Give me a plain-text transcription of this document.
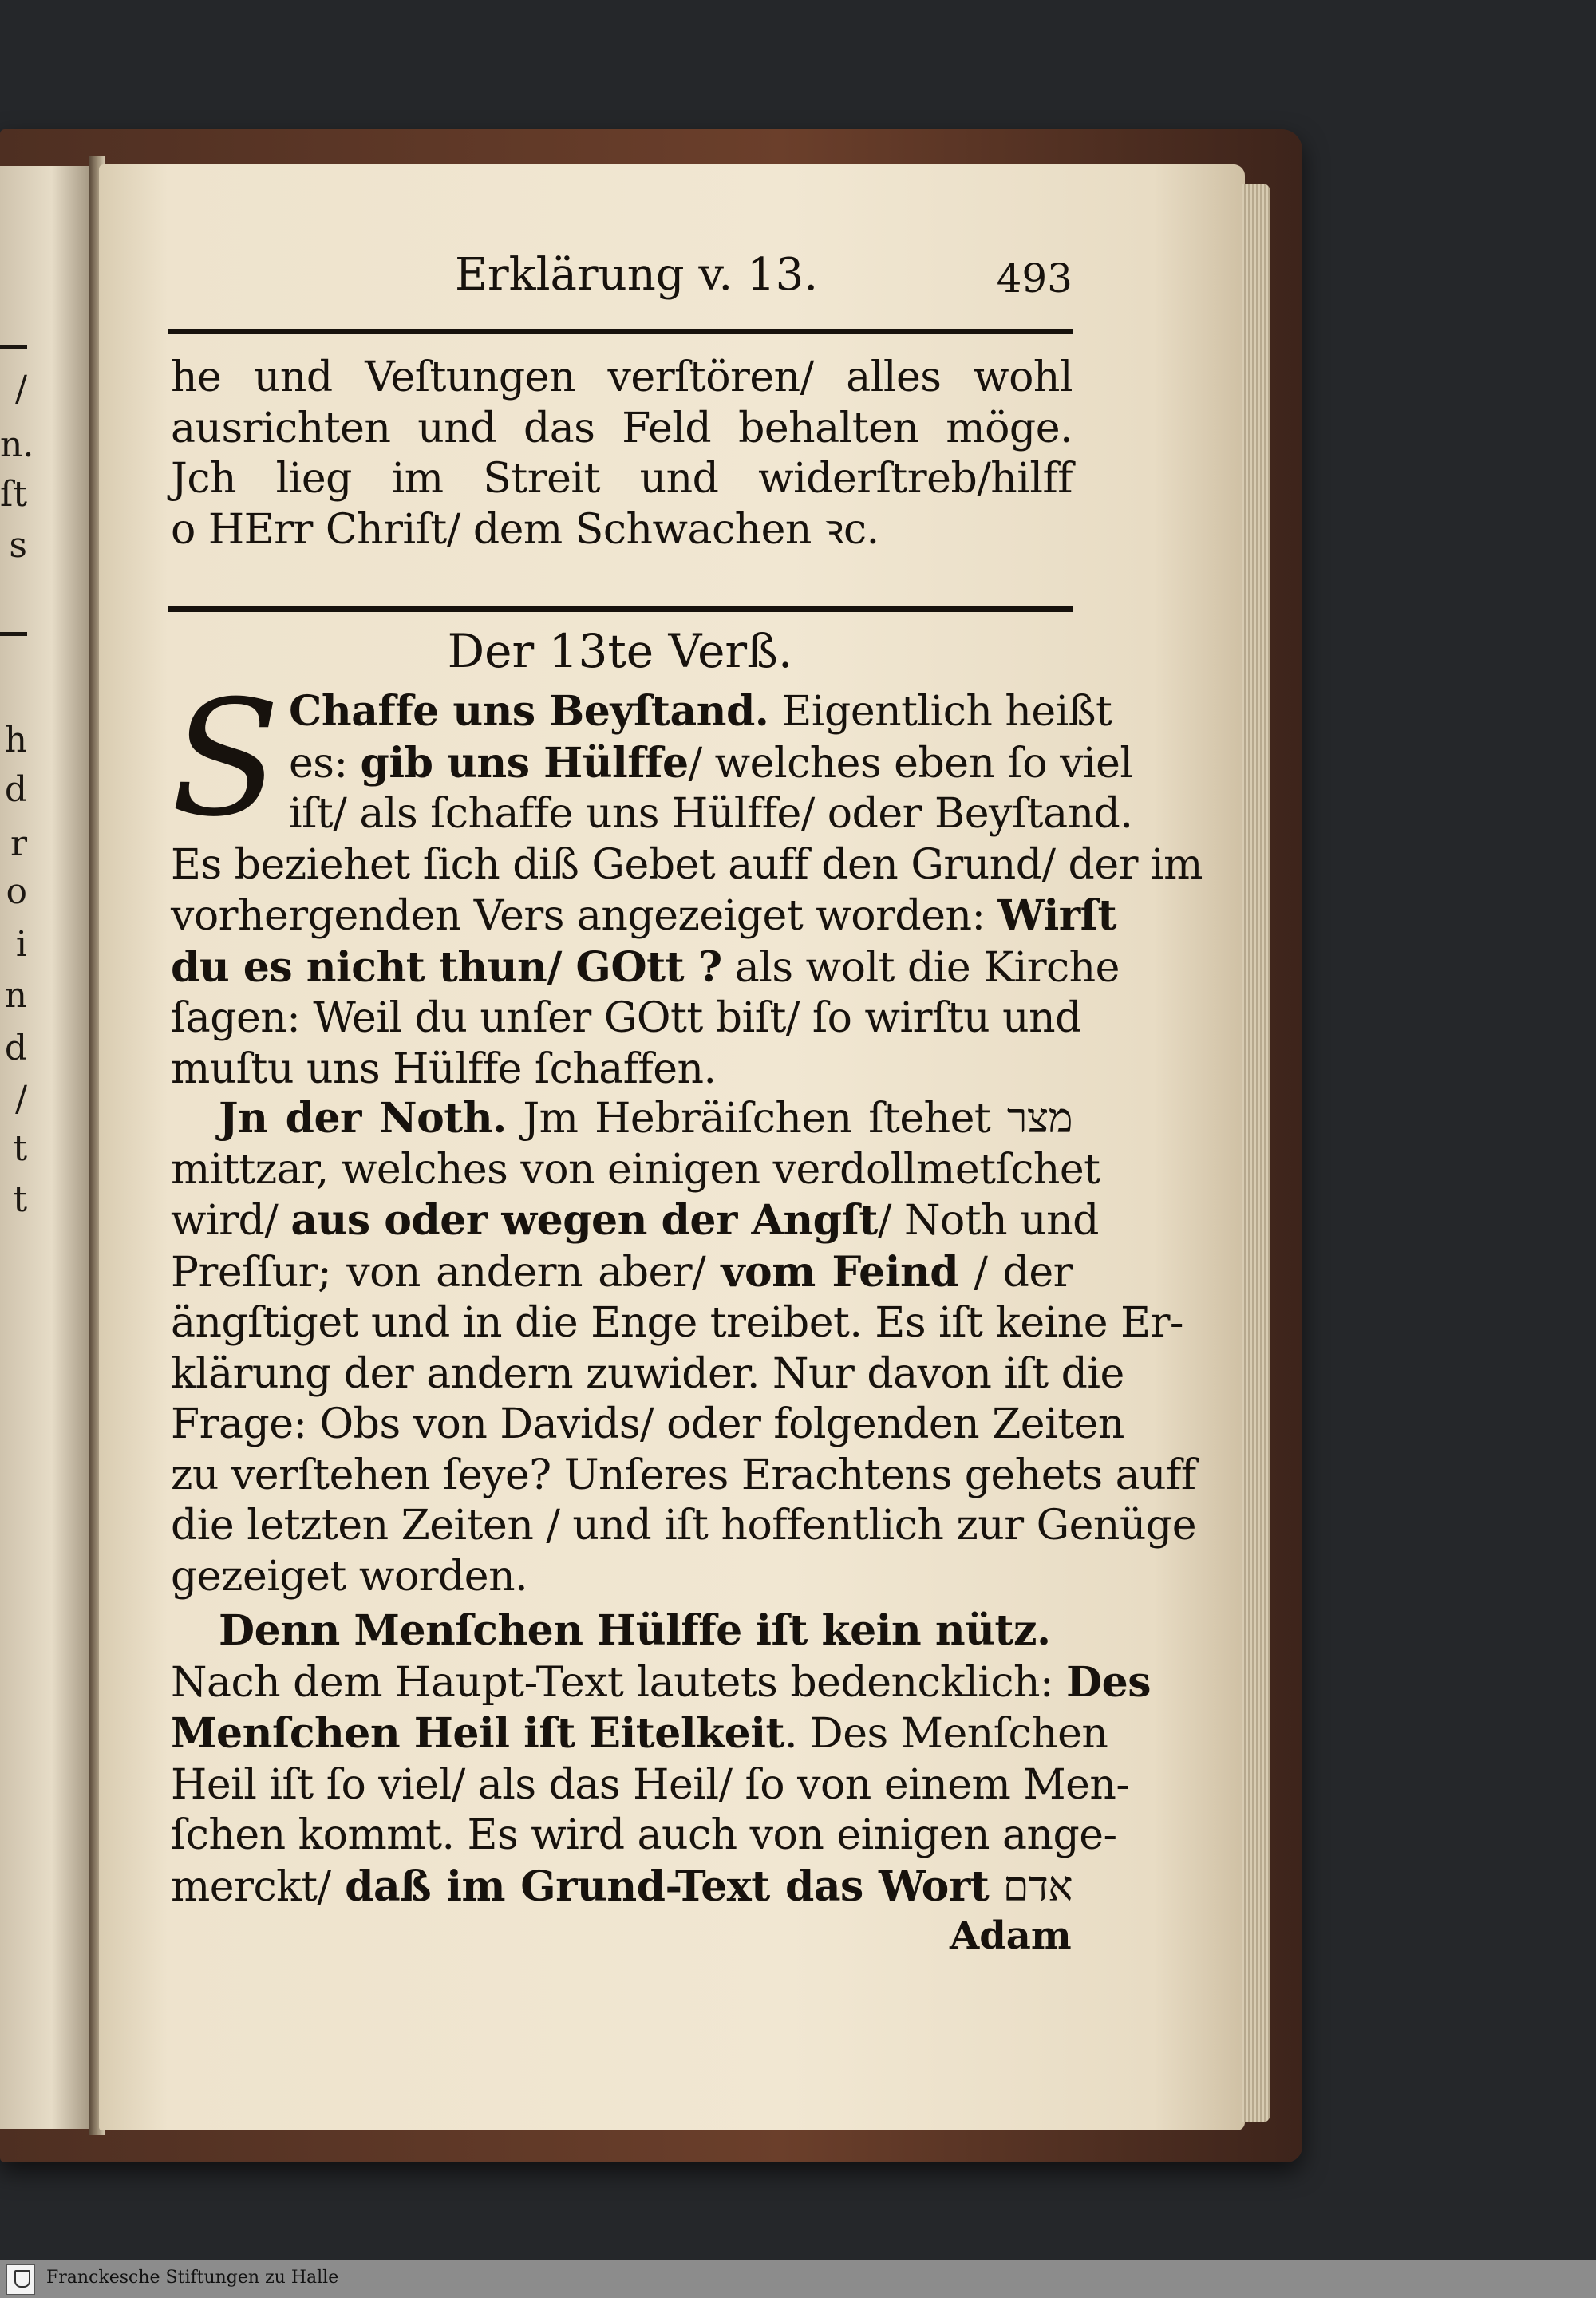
/
n.
ſt
s
h
d
r
o
i
n
d
/
t
t
Erklärung v. 13.	493

he und Veſtungen verſtören/ alles wohl

ausrichten und das Feld behalten möge.

Jch lieg im Streit und widerſtreb/hilff

o HErr Chriſt/ dem Schwachen ꝛc.

Der 13te Verß.
S Chaffe uns Beyſtand. Eigentlich heißt

es: gib uns Hülffe/ welches eben ſo viel

iſt/ als ſchaffe uns Hülffe/ oder Beyſtand.

Es beziehet ſich diß Gebet auff den Grund/ der im

vorhergenden Vers angezeiget worden: Wirſt

du es nicht thun/ GOtt ? als wolt die Kirche

ſagen: Weil du unſer GOtt biſt/ ſo wirſtu und

muſtu uns Hülffe ſchaffen.

Jn der Noth. Jm Hebräiſchen ſtehet מצר

mittzar, welches von einigen verdollmetſchet

wird/ aus oder wegen der Angſt/ Noth und

Preſſur; von andern aber/ vom Feind / der

ängſtiget und in die Enge treibet. Es iſt keine Er-

klärung der andern zuwider. Nur davon iſt die

Frage: Obs von Davids/ oder folgenden Zeiten

zu verſtehen ſeye? Unſeres Erachtens gehets auff

die letzten Zeiten / und iſt hoffentlich zur Genüge

gezeiget worden.

Denn Menſchen Hülffe iſt kein nütz.

Nach dem Haupt-Text lautets bedencklich: Des

Menſchen Heil iſt Eitelkeit. Des Menſchen

Heil iſt ſo viel/ als das Heil/ ſo von einem Men-

ſchen kommt. Es wird auch von einigen ange-

merckt/ daß im Grund-Text das Wort אדם

Adam
Franckesche Stiftungen zu Halle
